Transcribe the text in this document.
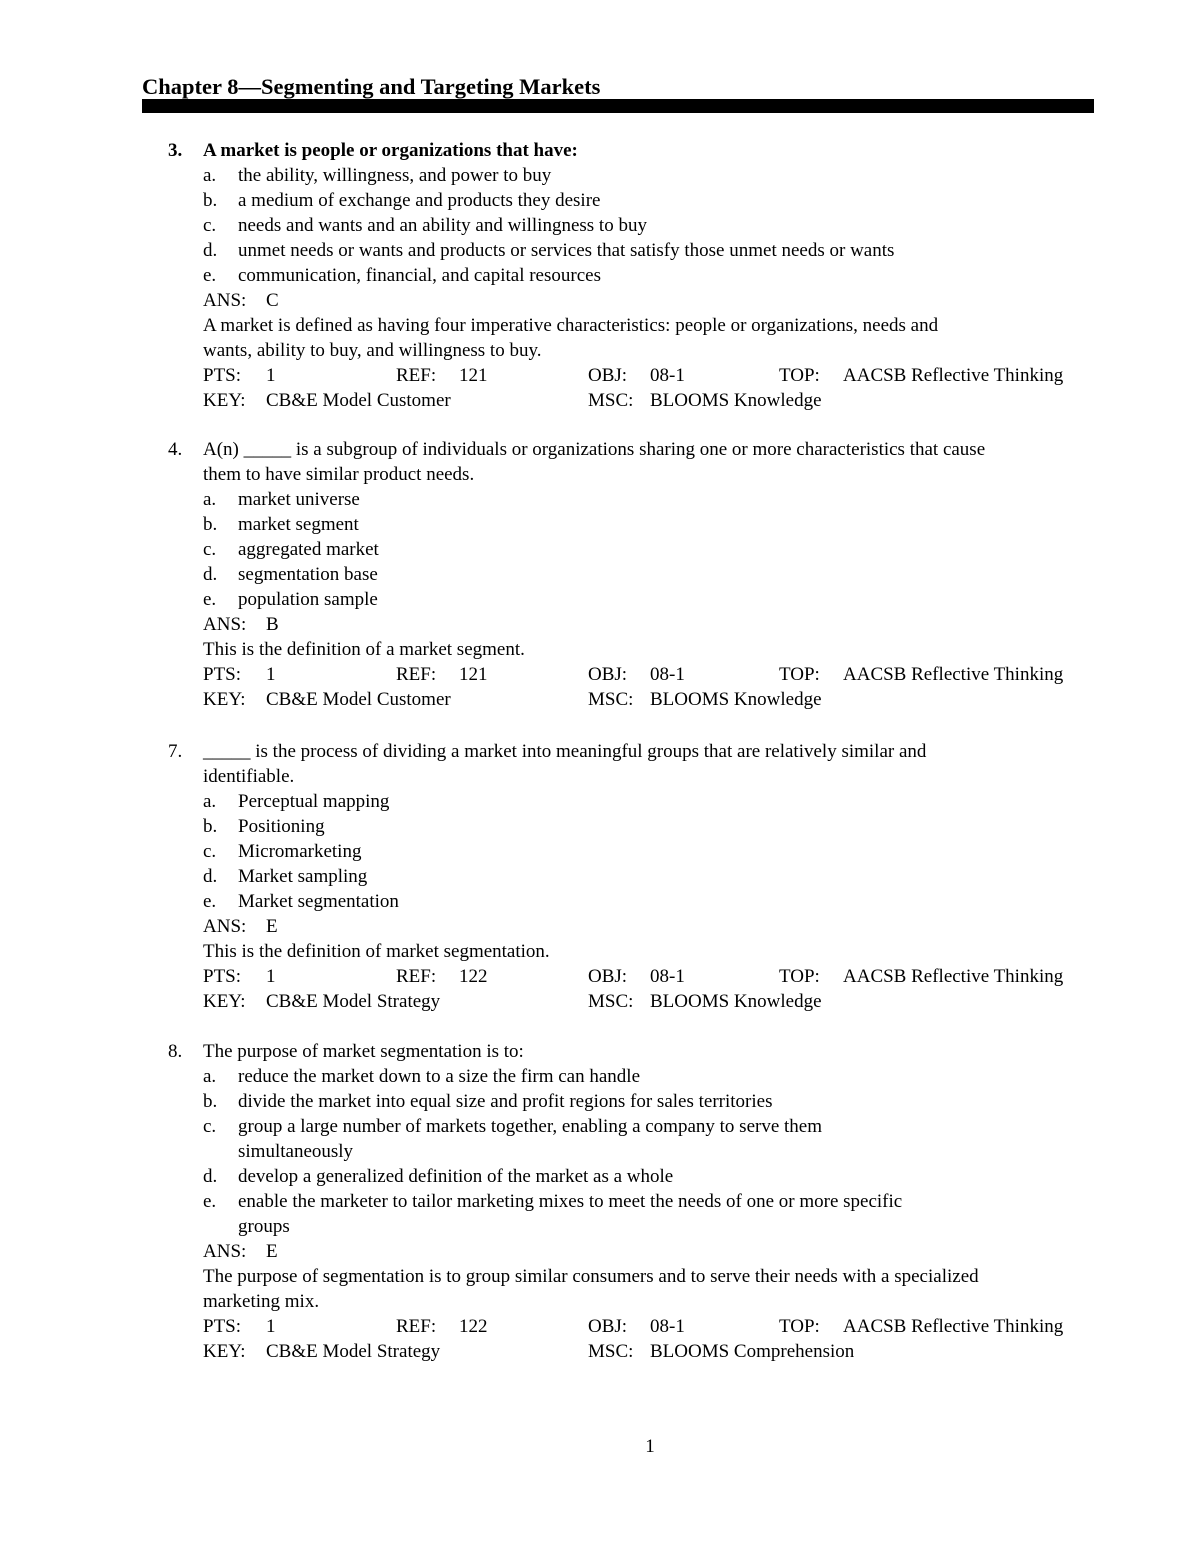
Chapter 8—Segmenting and Targeting Markets
3. A market is people or organizations that have:
a. the ability, willingness, and power to buy
b. a medium of exchange and products they desire
c. needs and wants and an ability and willingness to buy
d. unmet needs or wants and products or services that satisfy those unmet needs or wants
e. communication, financial, and capital resources
ANS: C
A market is defined as having four imperative characteristics: people or organizations, needs and
wants, ability to buy, and willingness to buy.
PTS: 1	REF: 121	OBJ: 08-1	TOP: AACSB Reflective Thinking
KEY: CB&E Model Customer	MSC: BLOOMS Knowledge
4. A(n) _____ is a subgroup of individuals or organizations sharing one or more characteristics that cause
them to have similar product needs.
a. market universe
b. market segment
c. aggregated market
d. segmentation base
e. population sample
ANS: B
This is the definition of a market segment.
PTS: 1	REF: 121	OBJ: 08-1	TOP: AACSB Reflective Thinking
KEY: CB&E Model Customer	MSC: BLOOMS Knowledge
7. _____ is the process of dividing a market into meaningful groups that are relatively similar and
identifiable.
a. Perceptual mapping
b. Positioning
c. Micromarketing
d. Market sampling
e. Market segmentation
ANS: E
This is the definition of market segmentation.
PTS: 1	REF: 122	OBJ: 08-1	TOP: AACSB Reflective Thinking
KEY: CB&E Model Strategy	MSC: BLOOMS Knowledge
8. The purpose of market segmentation is to:
a. reduce the market down to a size the firm can handle
b. divide the market into equal size and profit regions for sales territories
c. group a large number of markets together, enabling a company to serve them
simultaneously
d. develop a generalized definition of the market as a whole
e. enable the marketer to tailor marketing mixes to meet the needs of one or more specific
groups
ANS: E
The purpose of segmentation is to group similar consumers and to serve their needs with a specialized
marketing mix.
PTS: 1	REF: 122	OBJ: 08-1	TOP: AACSB Reflective Thinking
KEY: CB&E Model Strategy	MSC: BLOOMS Comprehension
1
